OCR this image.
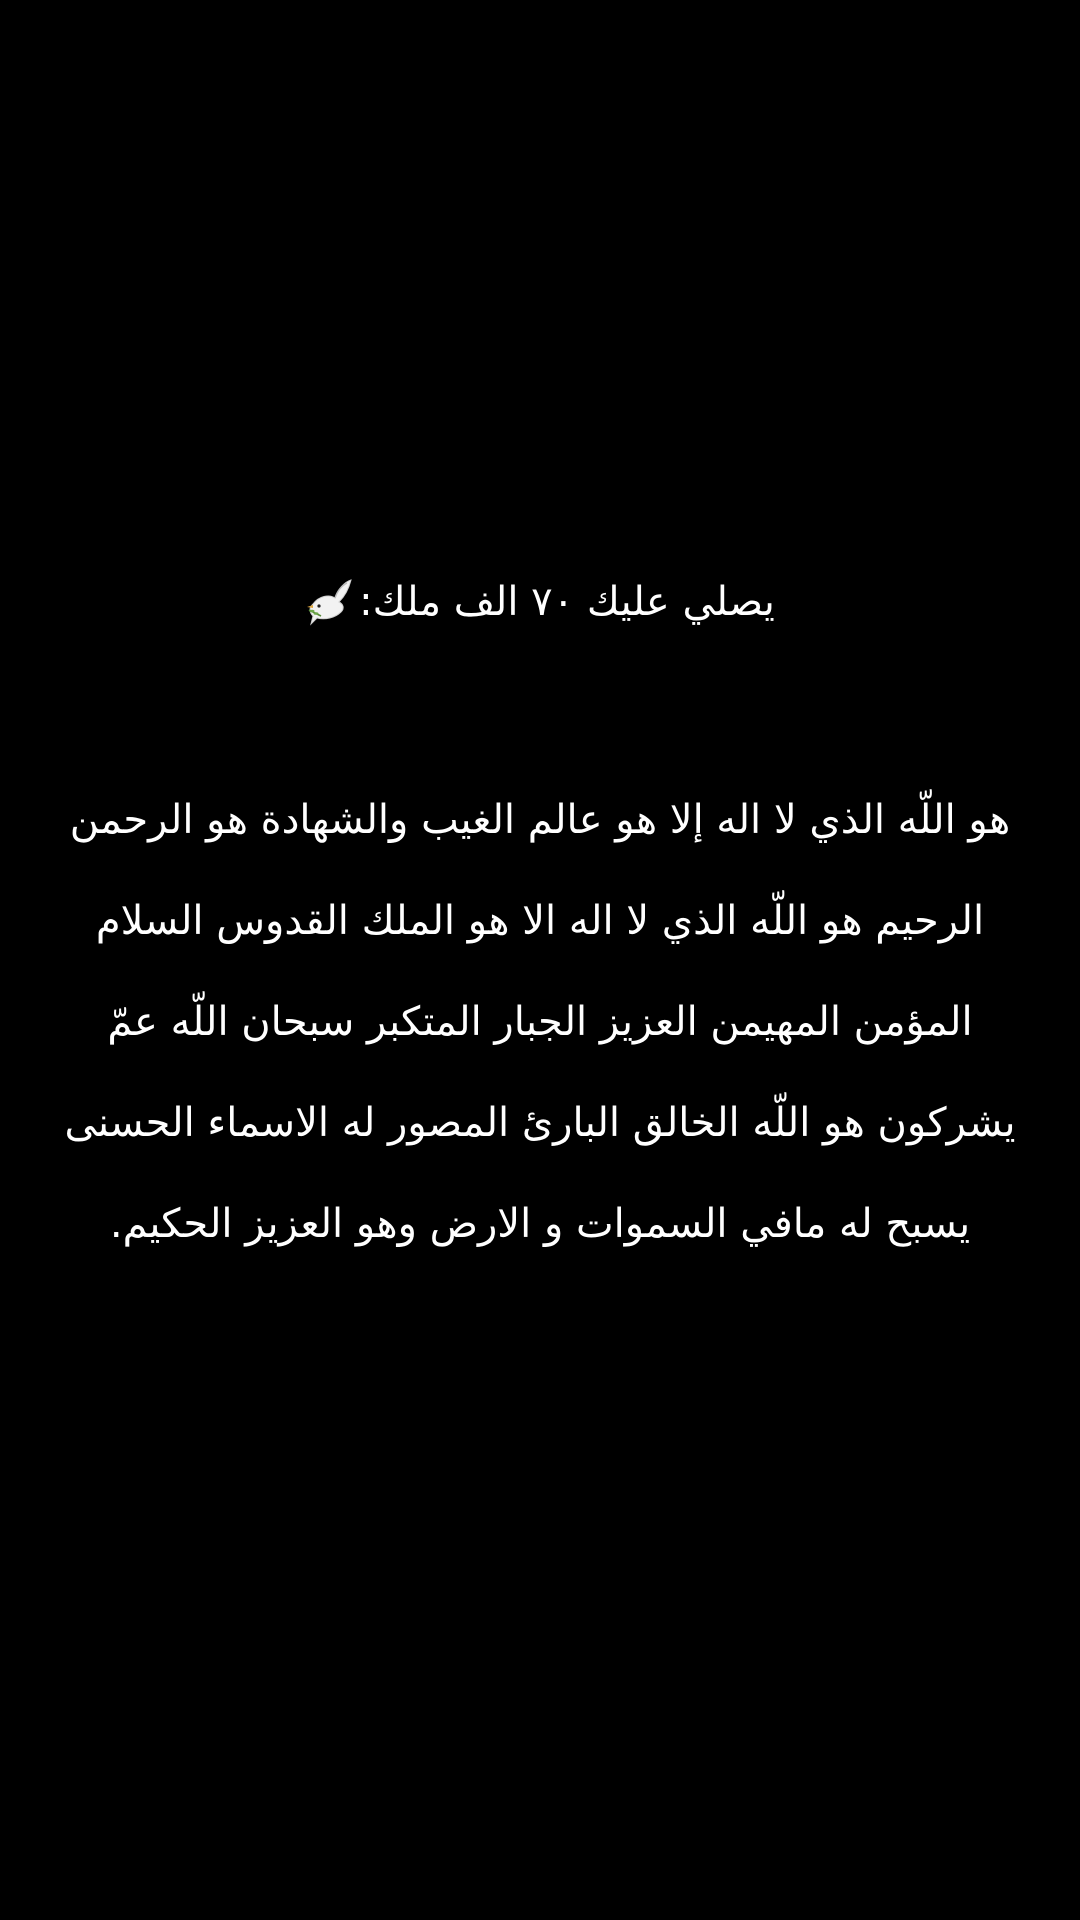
يصلي عليك ٧٠ الف ملك:
هو اللّه الذي لا اله إلا هو عالم الغيب والشهادة هو الرحمن
الرحيم هو اللّه الذي لا اله الا هو الملك القدوس السلام
المؤمن المهيمن العزيز الجبار المتكبر سبحان اللّه عمّ
يشركون هو اللّه الخالق البارئ المصور له الاسماء الحسنى
يسبح له مافي السموات و الارض وهو العزيز الحكيم.
